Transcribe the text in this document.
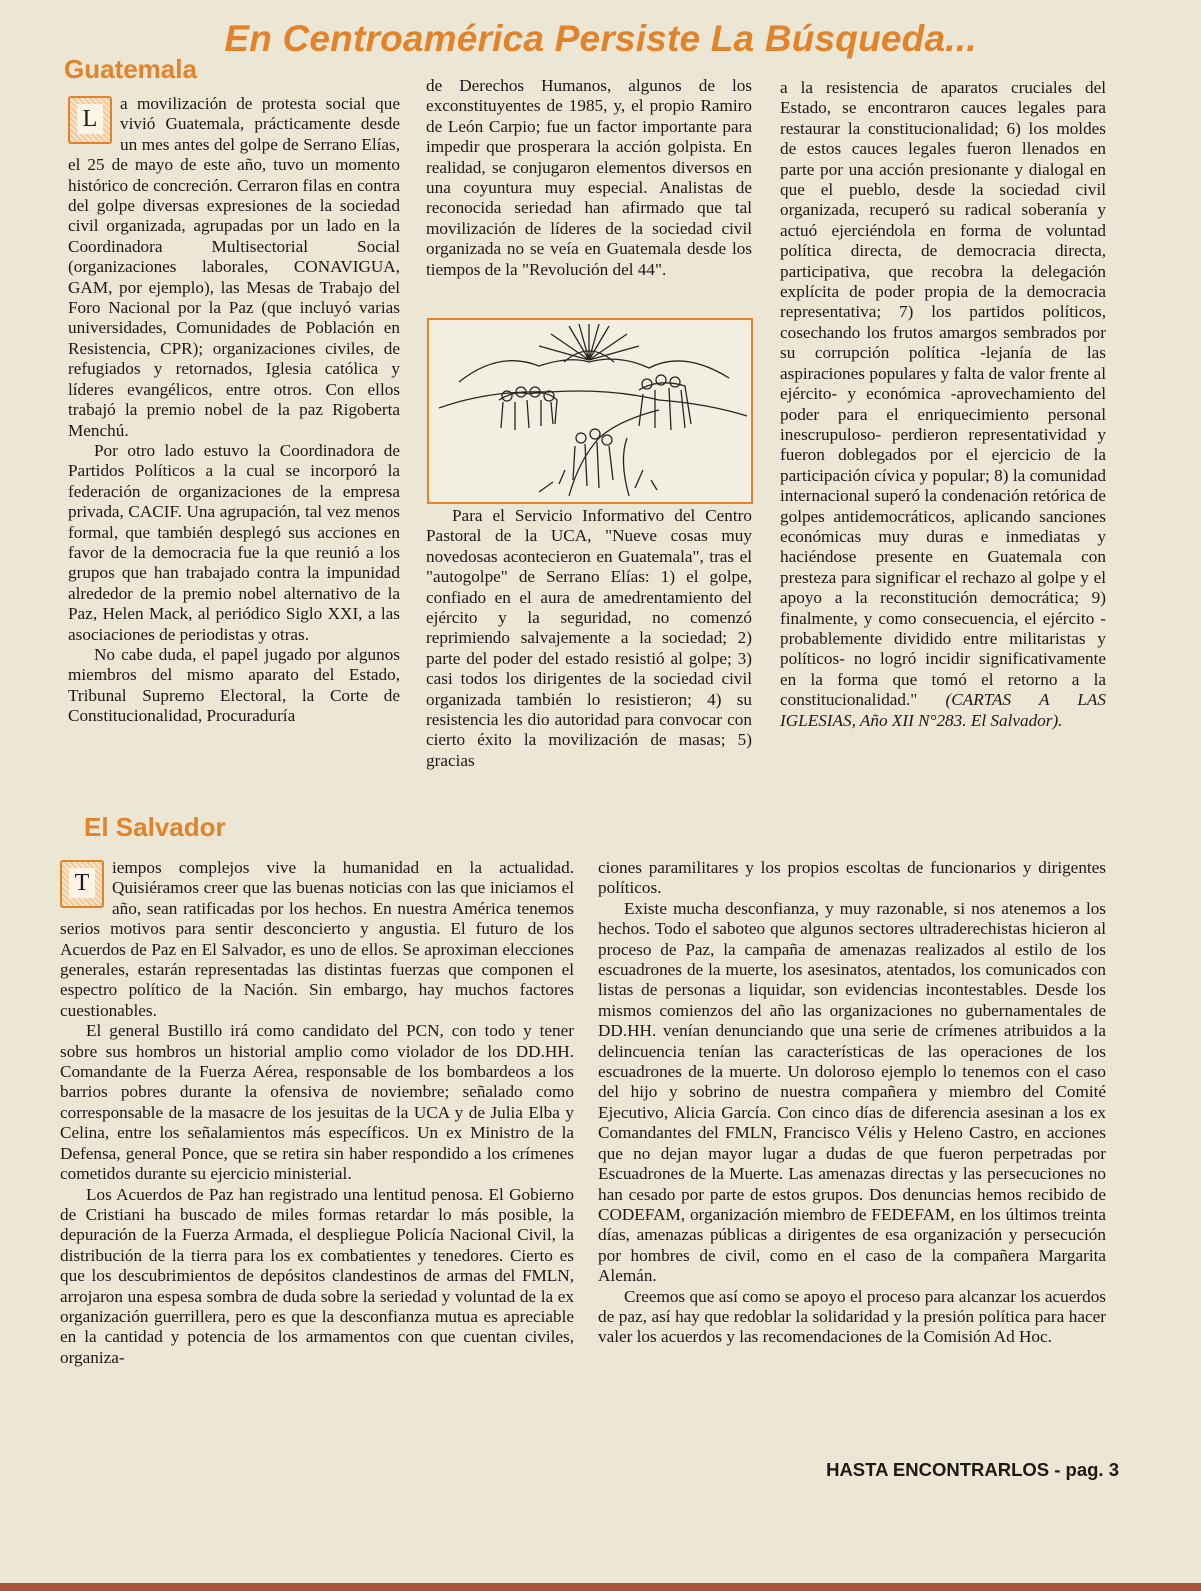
En Centroamérica Persiste La Búsqueda...
Guatemala

L
a movilización de protesta social que vivió Guatemala, prácticamente desde un mes antes del golpe de Serrano Elías, el 25 de mayo de este año, tuvo un momento histórico de concreción. Cerraron filas en contra del golpe diversas expresiones de la sociedad civil organizada, agrupadas por un lado en la Coordinadora Multisectorial Social (organizaciones laborales, CONAVIGUA, GAM, por ejemplo), las Mesas de Trabajo del Foro Nacional por la Paz (que incluyó varias universidades, Comunidades de Población en Resistencia, CPR); organizaciones civiles, de refugiados y retornados, Iglesia católica y líderes evangélicos, entre otros. Con ellos trabajó la premio nobel de la paz Rigoberta Menchú.

Por otro lado estuvo la Coordinadora de Partidos Políticos a la cual se incorporó la federación de organizaciones de la empresa privada, CACIF. Una agrupación, tal vez menos formal, que también desplegó sus acciones en favor de la democracia fue la que reunió a los grupos que han trabajado contra la impunidad alrededor de la premio nobel alternativo de la Paz, Helen Mack, al periódico Siglo XXI, a las asociaciones de periodistas y otras.

No cabe duda, el papel jugado por algunos miembros del mismo aparato del Estado, Tribunal Supremo Electoral, la Corte de Constitucionalidad, Procuraduría

de Derechos Humanos, algunos de los exconstituyentes de 1985, y, el propio Ramiro de León Carpio; fue un factor importante para impedir que prosperara la acción golpista. En realidad, se conjugaron elementos diversos en una coyuntura muy especial. Analistas de reconocida seriedad han afirmado que tal movilización de líderes de la sociedad civil organizada no se veía en Guatemala desde los tiempos de la "Revolución del 44".

Para el Servicio Informativo del Centro Pastoral de la UCA, "Nueve cosas muy novedosas acontecieron en Guatemala", tras el "autogolpe" de Serrano Elías: 1) el golpe, confiado en el aura de amedrentamiento del ejército y la seguridad, no comenzó reprimiendo salvajemente a la sociedad; 2) parte del poder del estado resistió al golpe; 3) casi todos los dirigentes de la sociedad civil organizada también lo resistieron; 4) su resistencia les dio autoridad para convocar con cierto éxito la movilización de masas; 5) gracias

a la resistencia de aparatos cruciales del Estado, se encontraron cauces legales para restaurar la constitucionalidad; 6) los moldes de estos cauces legales fueron llenados en parte por una acción presionante y dialogal en que el pueblo, desde la sociedad civil organizada, recuperó su radical soberanía y actuó ejerciéndola en forma de voluntad política directa, de democracia directa, participativa, que recobra la delegación explícita de poder propia de la democracia representativa; 7) los partidos políticos, cosechando los frutos amargos sembrados por su corrupción política -lejanía de las aspiraciones populares y falta de valor frente al ejército- y económica -aprovechamiento del poder para el enriquecimiento personal inescrupuloso- perdieron representatividad y fueron doblegados por el ejercicio de la participación cívica y popular; 8) la comunidad internacional superó la condenación retórica de golpes antidemocráticos, aplicando sanciones económicas muy duras e inmediatas y haciéndose presente en Guatemala con presteza para significar el rechazo al golpe y el apoyo a la reconstitución democrática; 9) finalmente, y como consecuencia, el ejército -probablemente dividido entre militaristas y políticos- no logró incidir significativamente en la forma que tomó el retorno a la constitucionalidad." (CARTAS A LAS IGLESIAS, Año XII N°283. El Salvador).

El Salvador

T
iempos complejos vive la humanidad en la actualidad. Quisiéramos creer que las buenas noticias con las que iniciamos el año, sean ratificadas por los hechos. En nuestra América tenemos serios motivos para sentir desconcierto y angustia. El futuro de los Acuerdos de Paz en El Salvador, es uno de ellos. Se aproximan elecciones generales, estarán representadas las distintas fuerzas que componen el espectro político de la Nación. Sin embargo, hay muchos factores cuestionables.

El general Bustillo irá como candidato del PCN, con todo y tener sobre sus hombros un historial amplio como violador de los DD.HH. Comandante de la Fuerza Aérea, responsable de los bombardeos a los barrios pobres durante la ofensiva de noviembre; señalado como corresponsable de la masacre de los jesuitas de la UCA y de Julia Elba y Celina, entre los señalamientos más específicos. Un ex Ministro de la Defensa, general Ponce, que se retira sin haber respondido a los crímenes cometidos durante su ejercicio ministerial.

Los Acuerdos de Paz han registrado una lentitud penosa. El Gobierno de Cristiani ha buscado de miles formas retardar lo más posible, la depuración de la Fuerza Armada, el despliegue Policía Nacional Civil, la distribución de la tierra para los ex combatientes y tenedores. Cierto es que los descubrimientos de depósitos clandestinos de armas del FMLN, arrojaron una espesa sombra de duda sobre la seriedad y voluntad de la ex organización guerrillera, pero es que la desconfianza mutua es apreciable en la cantidad y potencia de los armamentos con que cuentan civiles, organiza-

ciones paramilitares y los propios escoltas de funcionarios y dirigentes políticos.

Existe mucha desconfianza, y muy razonable, si nos atenemos a los hechos. Todo el saboteo que algunos sectores ultraderechistas hicieron al proceso de Paz, la campaña de amenazas realizados al estilo de los escuadrones de la muerte, los asesinatos, atentados, los comunicados con listas de personas a liquidar, son evidencias incontestables. Desde los mismos comienzos del año las organizaciones no gubernamentales de DD.HH. venían denunciando que una serie de crímenes atribuidos a la delincuencia tenían las características de las operaciones de los escuadrones de la muerte. Un doloroso ejemplo lo tenemos con el caso del hijo y sobrino de nuestra compañera y miembro del Comité Ejecutivo, Alicia García. Con cinco días de diferencia asesinan a los ex Comandantes del FMLN, Francisco Vélis y Heleno Castro, en acciones que no dejan mayor lugar a dudas de que fueron perpetradas por Escuadrones de la Muerte. Las amenazas directas y las persecuciones no han cesado por parte de estos grupos. Dos denuncias hemos recibido de CODEFAM, organización miembro de FEDEFAM, en los últimos treinta días, amenazas públicas a dirigentes de esa organización y persecución por hombres de civil, como en el caso de la compañera Margarita Alemán.

Creemos que así como se apoyo el proceso para alcanzar los acuerdos de paz, así hay que redoblar la solidaridad y la presión política para hacer valer los acuerdos y las recomendaciones de la Comisión Ad Hoc.

HASTA ENCONTRARLOS - pag. 3
